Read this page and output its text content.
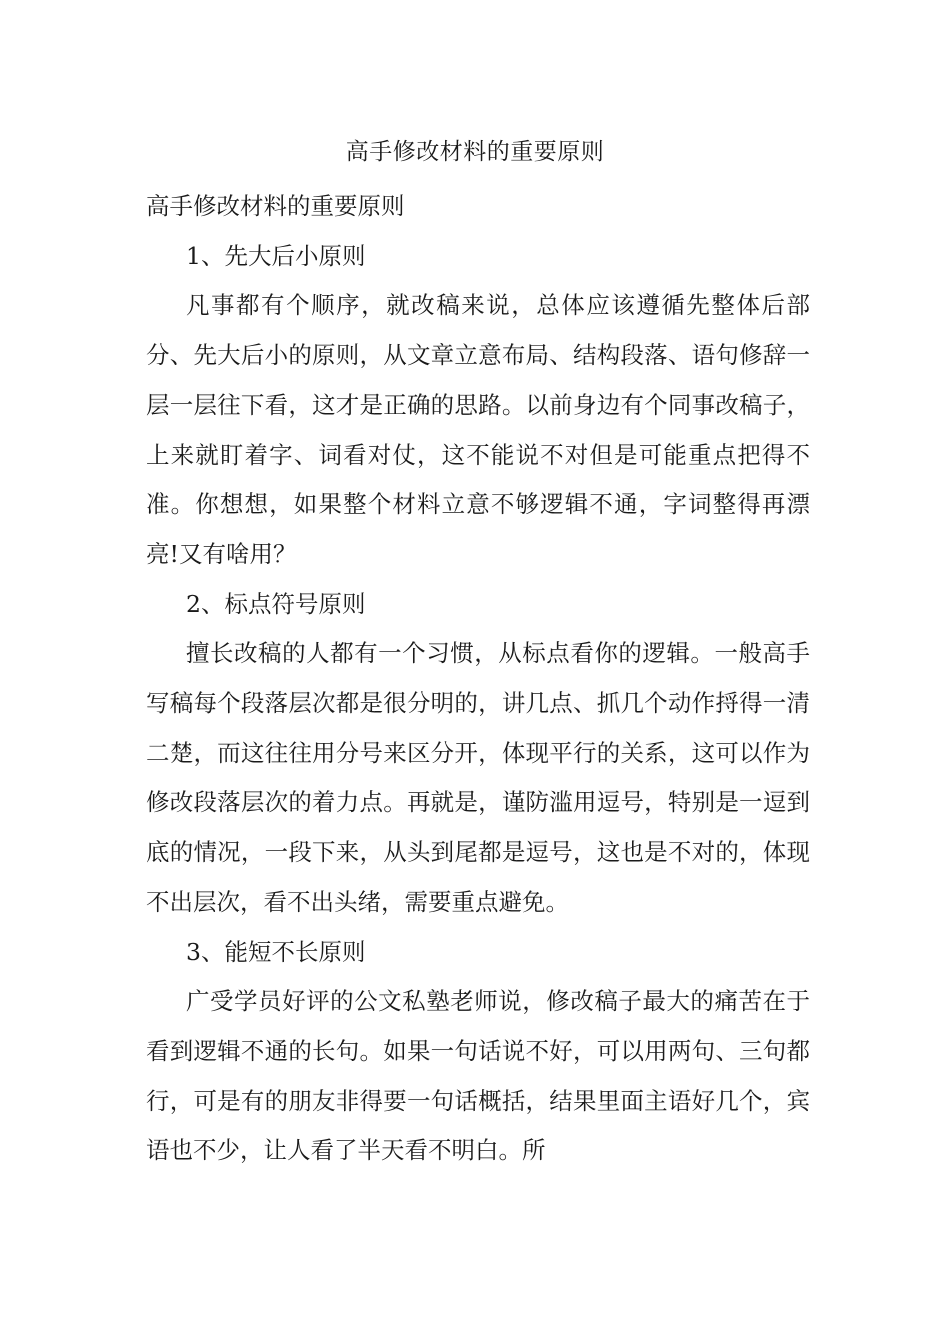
高手修改材料的重要原则

高手修改材料的重要原则

1、先大后小原则

凡事都有个顺序，就改稿来说，总体应该遵循先整体后部分、先大后小的原则，从文章立意布局、结构段落、语句修辞一层一层往下看，这才是正确的思路。以前身边有个同事改稿子，上来就盯着字、词看对仗，这不能说不对但是可能重点把得不准。你想想，如果整个材料立意不够逻辑不通，字词整得再漂亮!又有啥用？

2、标点符号原则

擅长改稿的人都有一个习惯，从标点看你的逻辑。一般高手写稿每个段落层次都是很分明的，讲几点、抓几个动作捋得一清二楚，而这往往用分号来区分开，体现平行的关系，这可以作为修改段落层次的着力点。再就是，谨防滥用逗号，特别是一逗到底的情况，一段下来，从头到尾都是逗号，这也是不对的，体现不出层次，看不出头绪，需要重点避免。

3、能短不长原则

广受学员好评的公文私塾老师说，修改稿子最大的痛苦在于看到逻辑不通的长句。如果一句话说不好，可以用两句、三句都行，可是有的朋友非得要一句话概括，结果里面主语好几个，宾语也不少，让人看了半天看不明白。所
